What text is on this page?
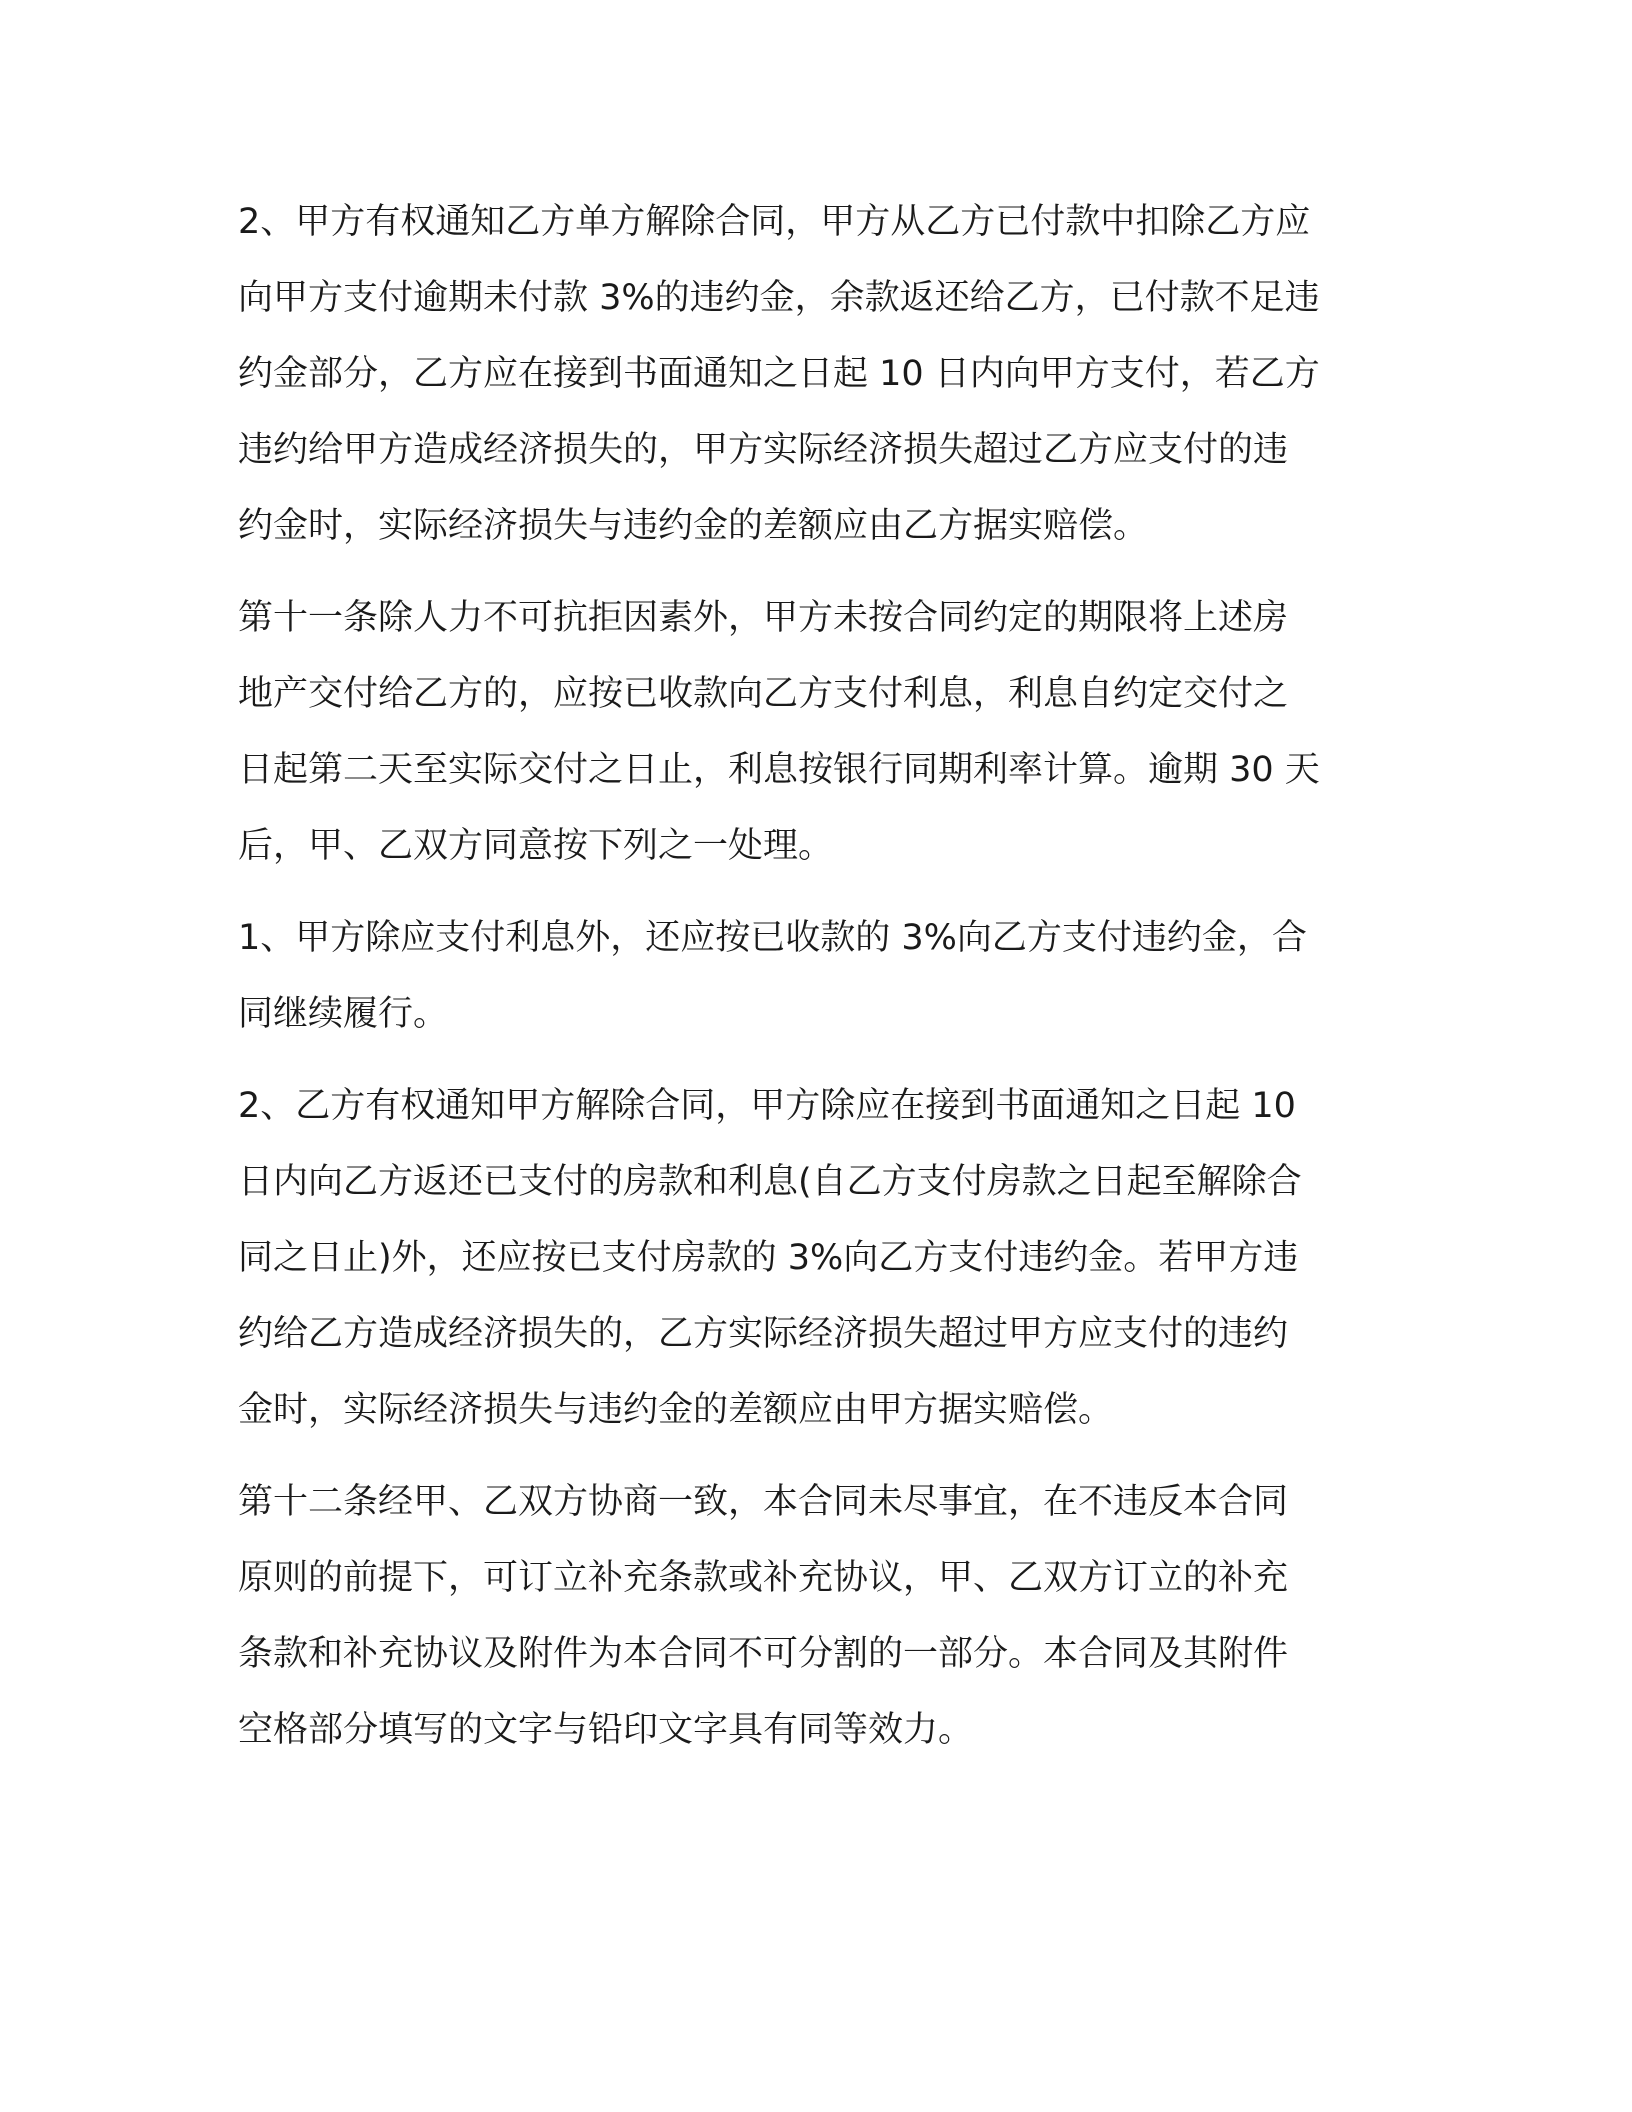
2、甲方有权通知乙方单方解除合同，甲方从乙方已付款中扣除乙方应
向甲方支付逾期未付款 3%的违约金，余款返还给乙方，已付款不足违
约金部分，乙方应在接到书面通知之日起 10 日内向甲方支付，若乙方
违约给甲方造成经济损失的，甲方实际经济损失超过乙方应支付的违
约金时，实际经济损失与违约金的差额应由乙方据实赔偿。

第十一条除人力不可抗拒因素外，甲方未按合同约定的期限将上述房
地产交付给乙方的，应按已收款向乙方支付利息，利息自约定交付之
日起第二天至实际交付之日止，利息按银行同期利率计算。逾期 30 天
后，甲、乙双方同意按下列之一处理。

1、甲方除应支付利息外，还应按已收款的 3%向乙方支付违约金，合
同继续履行。

2、乙方有权通知甲方解除合同，甲方除应在接到书面通知之日起 10
日内向乙方返还已支付的房款和利息(自乙方支付房款之日起至解除合
同之日止)外，还应按已支付房款的 3%向乙方支付违约金。若甲方违
约给乙方造成经济损失的，乙方实际经济损失超过甲方应支付的违约
金时，实际经济损失与违约金的差额应由甲方据实赔偿。

第十二条经甲、乙双方协商一致，本合同未尽事宜，在不违反本合同
原则的前提下，可订立补充条款或补充协议，甲、乙双方订立的补充
条款和补充协议及附件为本合同不可分割的一部分。本合同及其附件
空格部分填写的文字与铅印文字具有同等效力。
